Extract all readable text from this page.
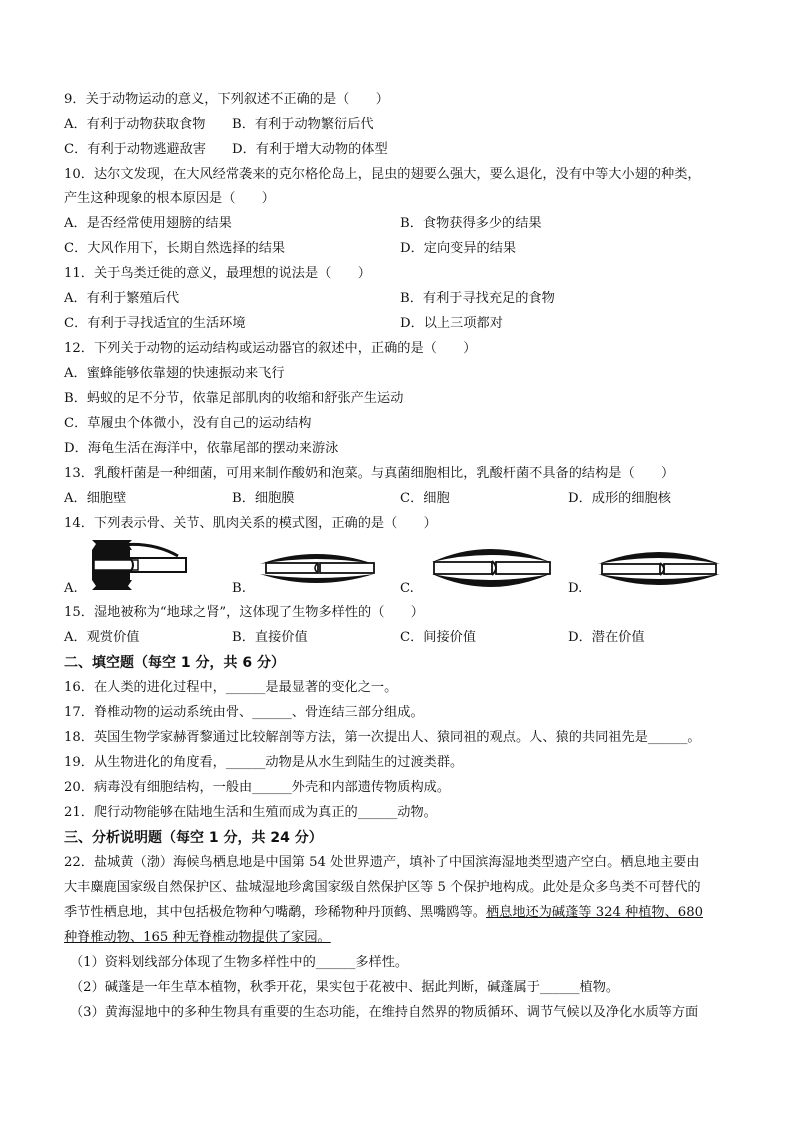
9．关于动物运动的意义，下列叙述不正确的是（　　）
A．有利于动物获取食物 B．有利于动物繁衍后代
C．有利于动物逃避敌害 D．有利于增大动物的体型
10．达尔文发现，在大风经常袭来的克尔格伦岛上，昆虫的翅要么强大，要么退化，没有中等大小翅的种类，
产生这种现象的根本原因是（　　）
A．是否经常使用翅膀的结果	B．食物获得多少的结果
C．大风作用下，长期自然选择的结果	D．定向变异的结果
11．关于鸟类迁徙的意义，最理想的说法是（　　）
A．有利于繁殖后代	B．有利于寻找充足的食物
C．有利于寻找适宜的生活环境	D．以上三项都对
12．下列关于动物的运动结构或运动器官的叙述中，正确的是（　　）
A．蜜蜂能够依靠翅的快速振动来飞行
B．蚂蚁的足不分节，依靠足部肌肉的收缩和舒张产生运动
C．草履虫个体微小，没有自己的运动结构
D．海龟生活在海洋中，依靠尾部的摆动来游泳
13．乳酸杆菌是一种细菌，可用来制作酸奶和泡菜。与真菌细胞相比，乳酸杆菌不具备的结构是（　　）
A．细胞壁	B．细胞膜	C．细胞	D．成形的细胞核
14．下列表示骨、关节、肌肉关系的模式图，正确的是（　　）
A.	B.	C.	D.
15．湿地被称为“地球之肾”，这体现了生物多样性的（　　）
A．观赏价值	B．直接价值	C．间接价值	D．潜在价值
二、填空题（每空 1 分，共 6 分）
16．在人类的进化过程中，______是最显著的变化之一。
17．脊椎动物的运动系统由骨、______、骨连结三部分组成。
18．英国生物学家赫胥黎通过比较解剖等方法，第一次提出人、猿同祖的观点。人、猿的共同祖先是______。
19．从生物进化的角度看，______动物是从水生到陆生的过渡类群。
20．病毒没有细胞结构，一般由______外壳和内部遗传物质构成。
21．爬行动物能够在陆地生活和生殖而成为真正的______动物。
三、分析说明题（每空 1 分，共 24 分）
22．盐城黄（渤）海候鸟栖息地是中国第 54 处世界遗产，填补了中国滨海湿地类型遗产空白。栖息地主要由
大丰麋鹿国家级自然保护区、盐城湿地珍禽国家级自然保护区等 5 个保护地构成。此处是众多鸟类不可替代的
季节性栖息地，其中包括极危物种勺嘴鹬，珍稀物种丹顶鹤、黑嘴鸥等。栖息地还为碱蓬等 324 种植物、680
种脊椎动物、165 种无脊椎动物提供了家园。
（1）资料划线部分体现了生物多样性中的______多样性。
（2）碱蓬是一年生草本植物，秋季开花，果实包于花被中、据此判断，碱蓬属于______植物。
（3）黄海湿地中的多种生物具有重要的生态功能，在维持自然界的物质循环、调节气候以及净化水质等方面
